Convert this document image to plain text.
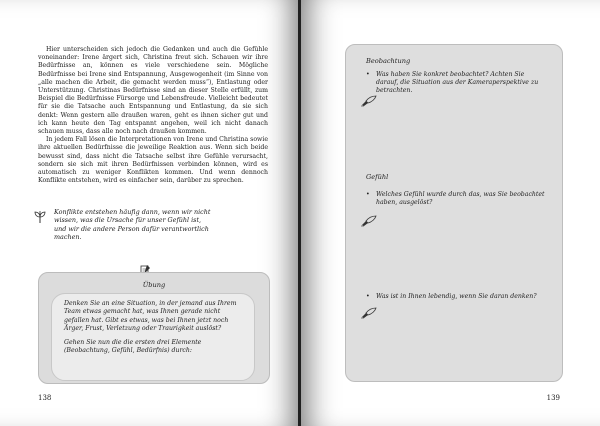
Hier unterscheiden sich jedoch die Gedanken und auch die Gefühle voneinander: Irene ärgert sich, Christina freut sich. Schauen wir ihre Bedürfnisse an, können es viele verschiedene sein. Mögliche Bedürfnisse bei Irene sind Entspannung, Ausgewogenheit (im Sinne von „alle machen die Arbeit, die gemacht werden muss“), Entlastung oder Unterstützung. Christinas Bedürfnisse sind an dieser Stelle erfüllt, zum Beispiel die Bedürfnisse Fürsorge und Lebensfreude. Vielleicht bedeutet für sie die Tatsache auch Entspannung und Entlastung, da sie sich denkt: Wenn gestern alle draußen waren, geht es ihnen sicher gut und ich kann heute den Tag entspannt angehen, weil ich nicht danach schauen muss, dass alle noch nach draußen kommen.

In jedem Fall lösen die Interpretationen von Irene und Christina sowie ihre aktuellen Bedürfnisse die jeweilige Reaktion aus. Wenn sich beide bewusst sind, dass nicht die Tatsache selbst ihre Gefühle verursacht, sondern sie sich mit ihren Bedürfnissen verbinden können, wird es automatisch zu weniger Konflikten kommen. Und wenn dennoch Konflikte entstehen, wird es einfacher sein, darüber zu sprechen.

Konflikte entstehen häufig dann, wenn wir nicht wissen, was die Ursache für unser Gefühl ist, und wir die andere Person dafür verantwortlich machen.
Übung

Denken Sie an eine Situation, in der jemand aus Ihrem Team etwas gemacht hat, was Ihnen gerade nicht gefallen hat. Gibt es etwas, was bei Ihnen jetzt noch Ärger, Frust, Verletzung oder Traurigkeit auslöst?

Gehen Sie nun die die ersten drei Elemente (Beobachtung, Gefühl, Bedürfnis) durch:

138
Beobachtung
• Was haben Sie konkret beobachtet? Achten Sie darauf, die Situation aus der Kameraperspektive zu betrachten.
Gefühl
• Welches Gefühl wurde durch das, was Sie beobachtet haben, ausgelöst?
• Was ist in Ihnen lebendig, wenn Sie daran denken?
139
